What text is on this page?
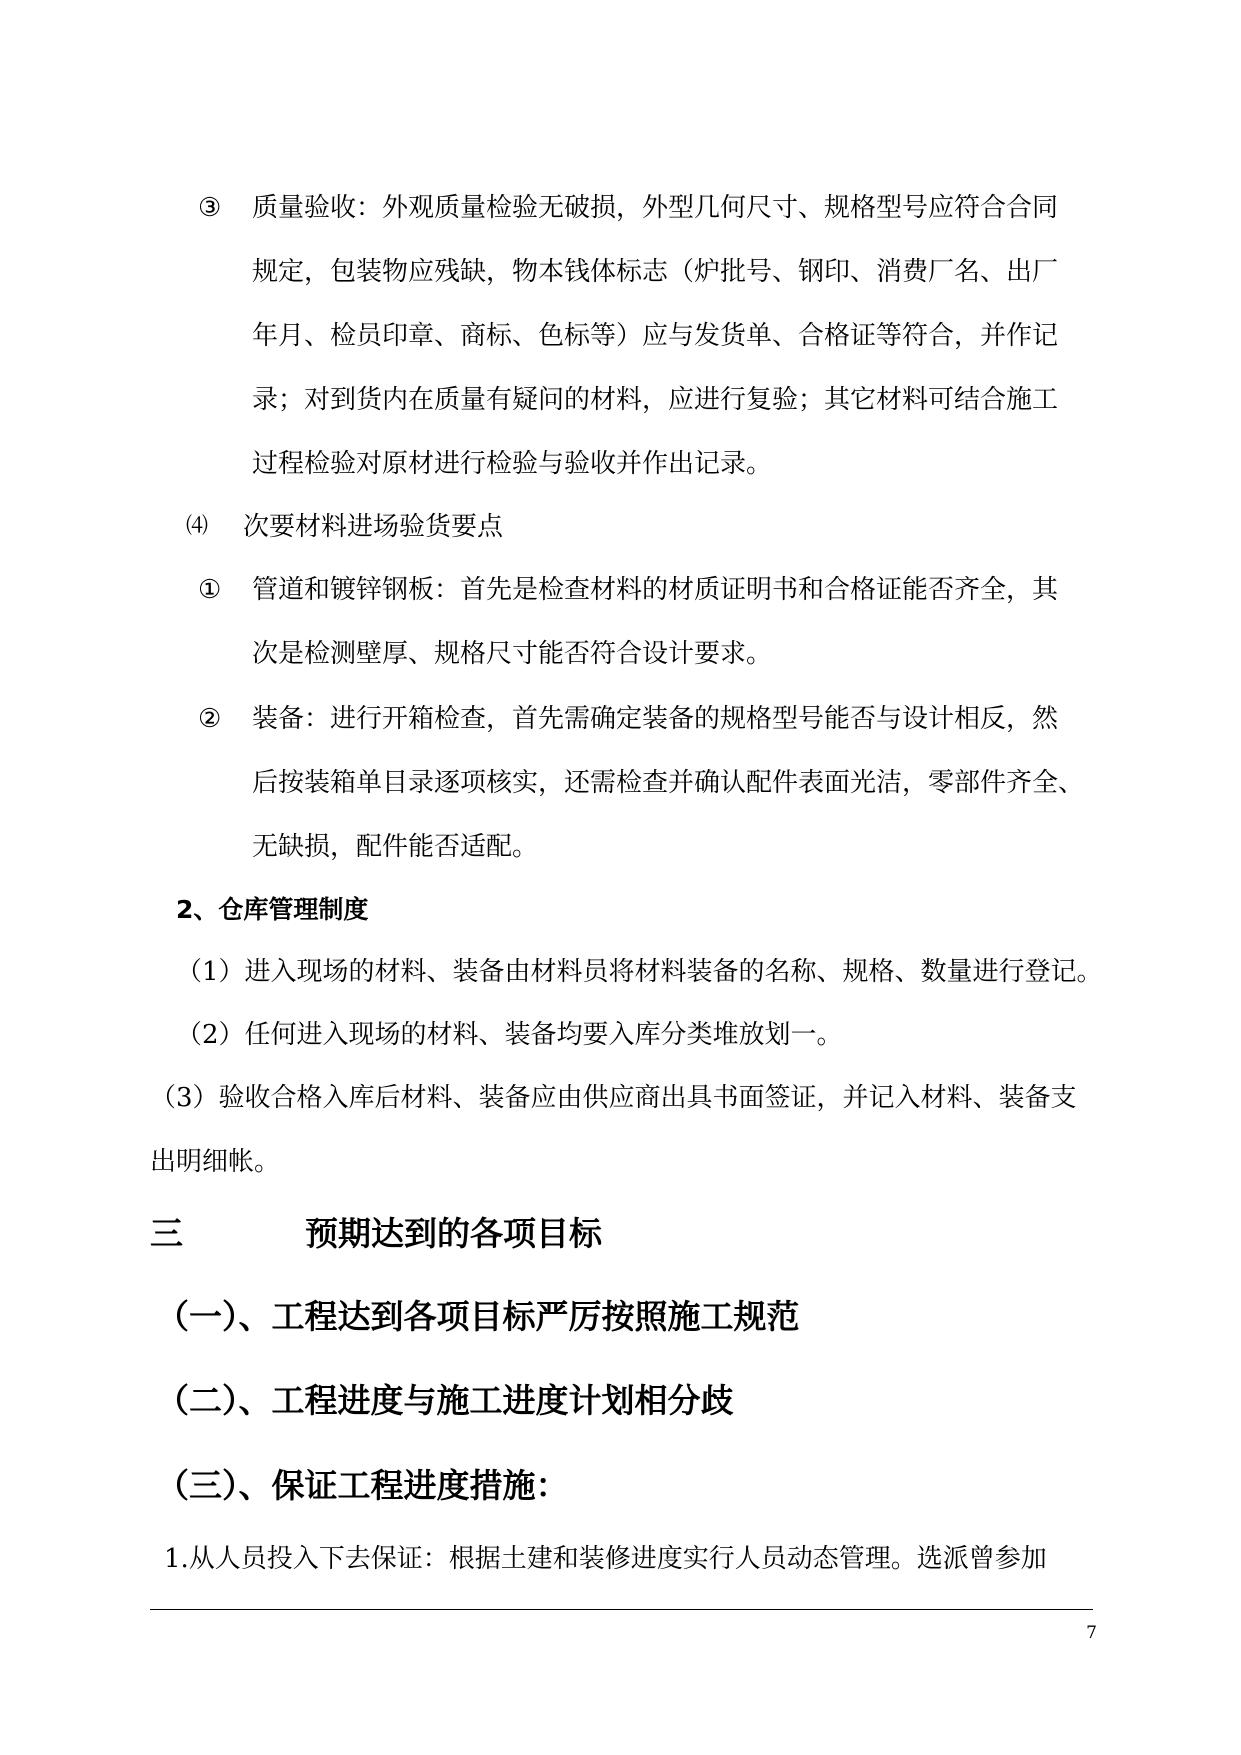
③ 质量验收：外观质量检验无破损，外型几何尺寸、规格型号应符合合同
规定，包装物应残缺，物本钱体标志（炉批号、钢印、消费厂名、出厂
年月、检员印章、商标、色标等）应与发货单、合格证等符合，并作记
录；对到货内在质量有疑问的材料，应进行复验；其它材料可结合施工
过程检验对原材进行检验与验收并作出记录。
⑷ 次要材料进场验货要点
① 管道和镀锌钢板：首先是检查材料的材质证明书和合格证能否齐全，其
次是检测壁厚、规格尺寸能否符合设计要求。
② 装备：进行开箱检查，首先需确定装备的规格型号能否与设计相反，然
后按装箱单目录逐项核实，还需检查并确认配件表面光洁，零部件齐全、
无缺损，配件能否适配。
2、仓库管理制度
（1）进入现场的材料、装备由材料员将材料装备的名称、规格、数量进行登记。
（2）任何进入现场的材料、装备均要入库分类堆放划一。
（3）验收合格入库后材料、装备应由供应商出具书面签证，并记入材料、装备支
出明细帐。
三	预期达到的各项目标
（一）、工程达到各项目标严厉按照施工规范
（二）、工程进度与施工进度计划相分歧
（三）、保证工程进度措施：
1.从人员投入下去保证：根据土建和装修进度实行人员动态管理。选派曾参加
7
